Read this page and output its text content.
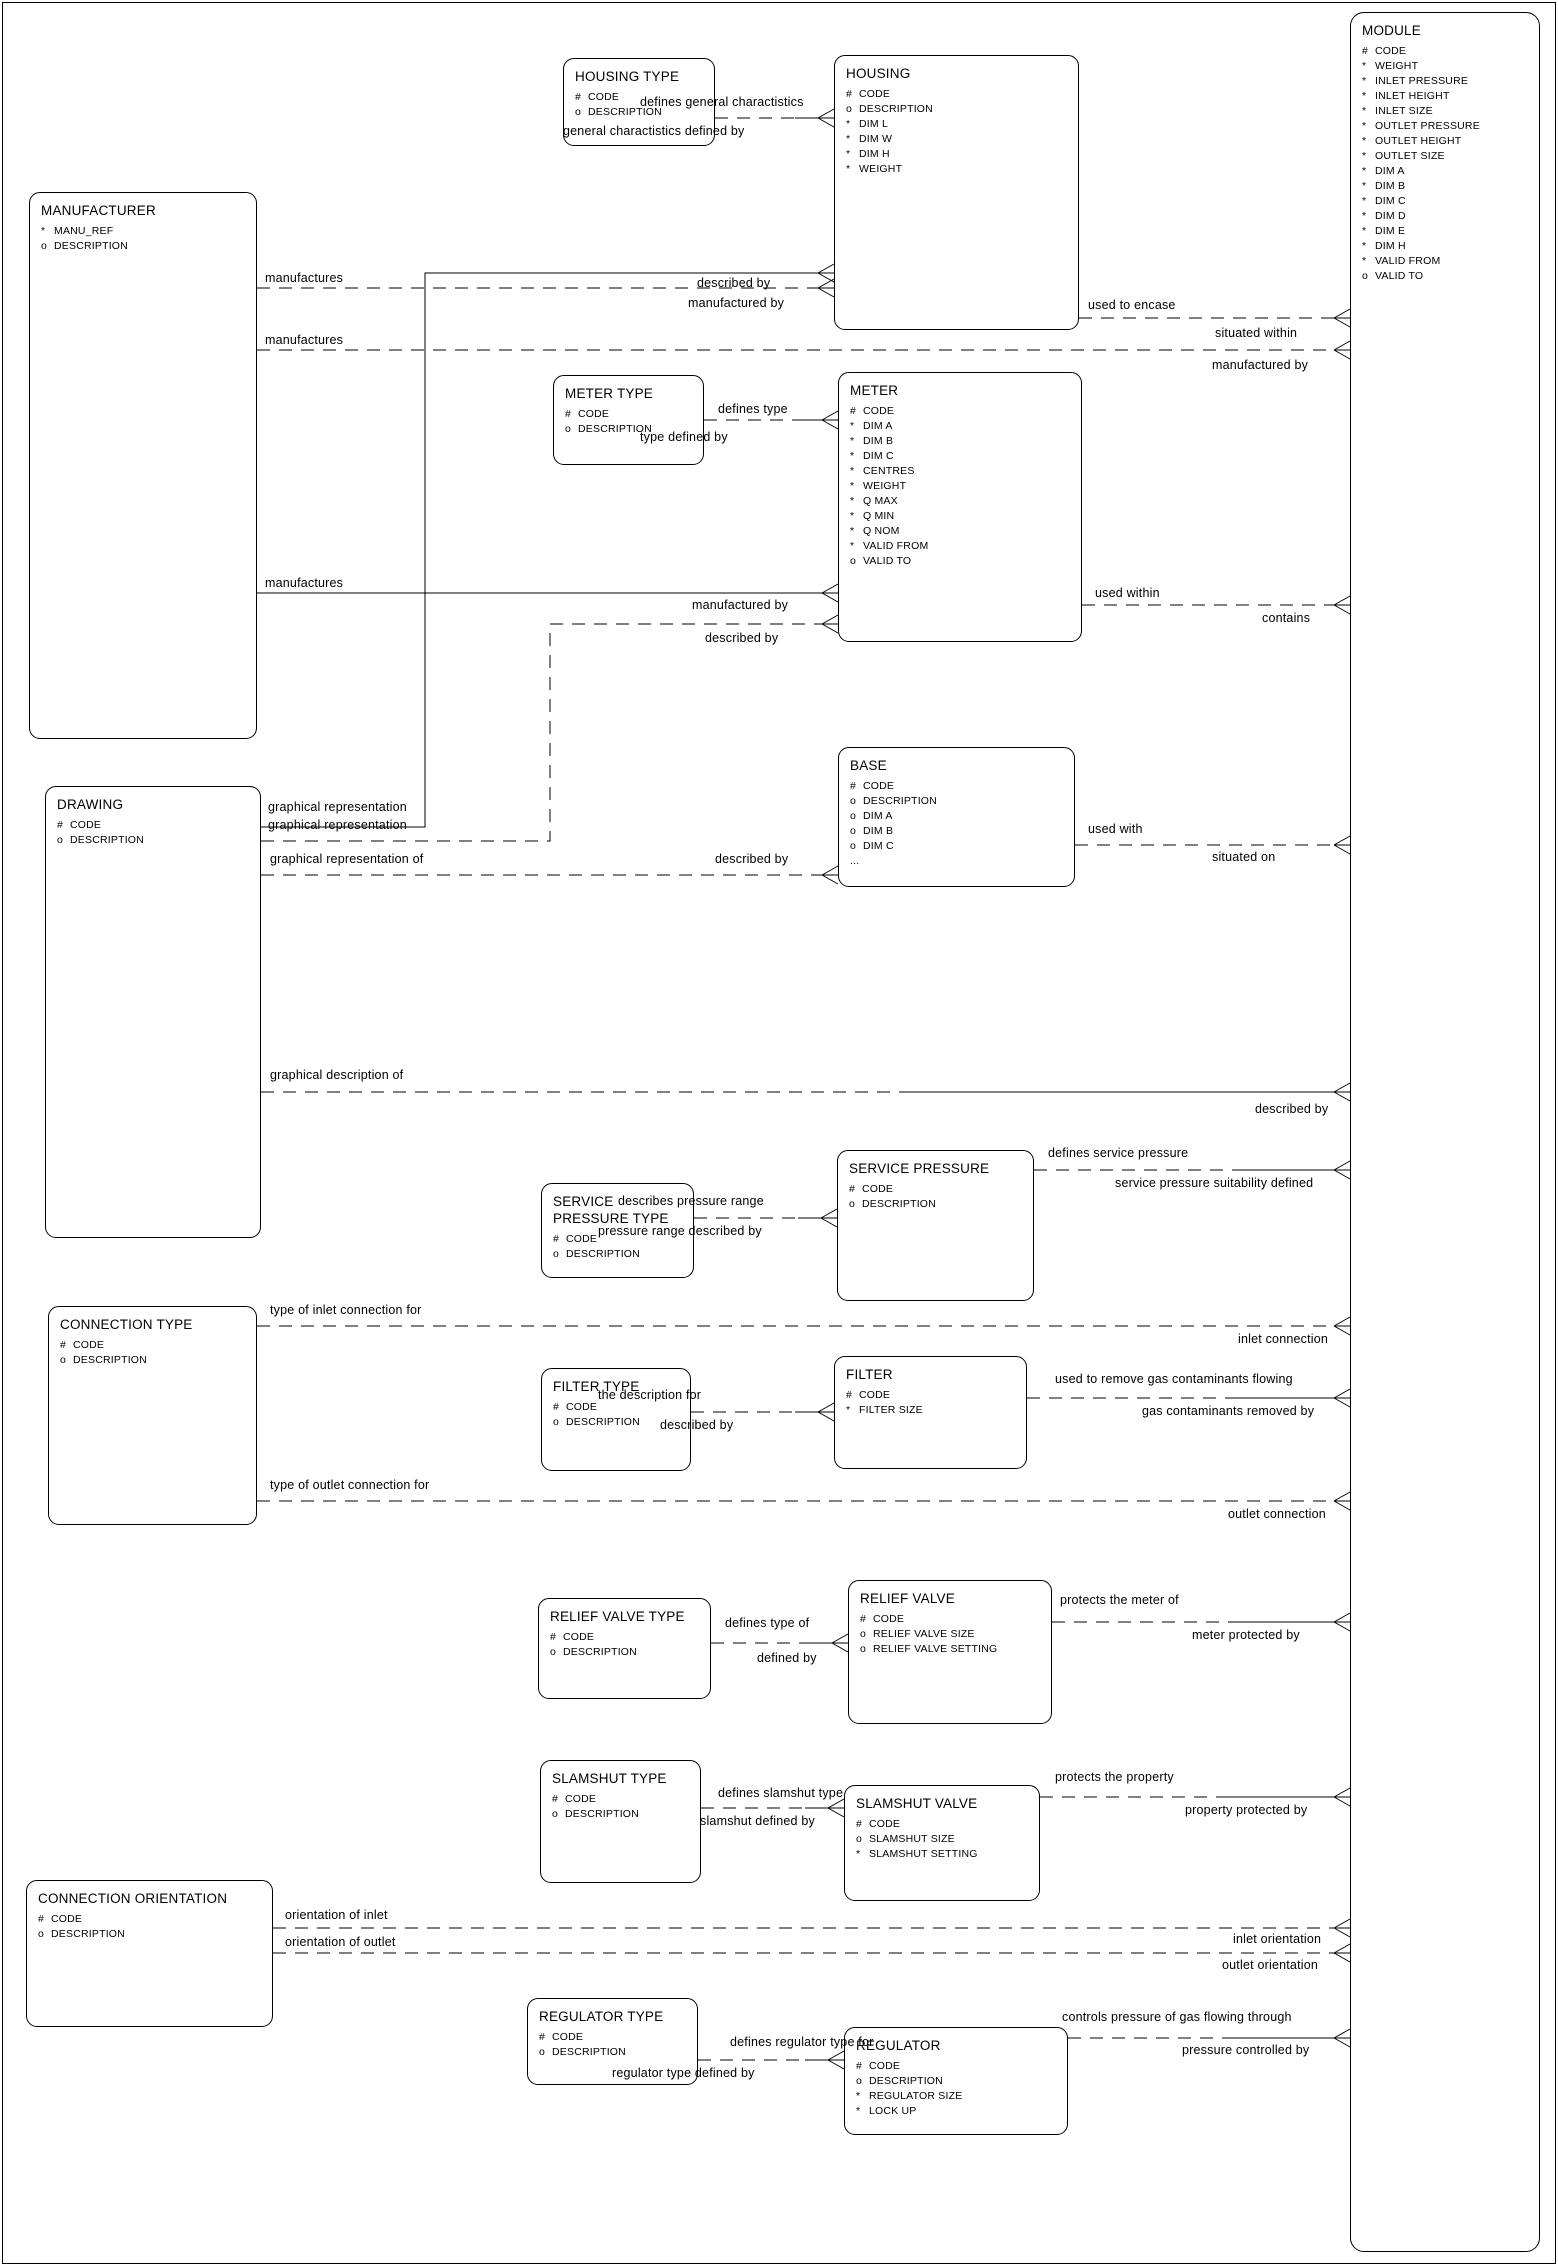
MODULE
# CODE
* WEIGHT
* INLET PRESSURE
* INLET HEIGHT
* INLET SIZE
* OUTLET PRESSURE
* OUTLET HEIGHT
* OUTLET SIZE
* DIM A
* DIM B
* DIM C
* DIM D
* DIM E
* DIM H
* VALID FROM
o VALID TO
MANUFACTURER
* MANU_REF
o DESCRIPTION
HOUSING TYPE
# CODE
o DESCRIPTION
HOUSING
# CODE
o DESCRIPTION
* DIM L
* DIM W
* DIM H
* WEIGHT
METER TYPE
# CODE
o DESCRIPTION
METER
# CODE
* DIM A
* DIM B
* DIM C
* CENTRES
* WEIGHT
* Q MAX
* Q MIN
* Q NOM
* VALID FROM
o VALID TO
DRAWING
# CODE
o DESCRIPTION
BASE
# CODE
o DESCRIPTION
o DIM A
o DIM B
o DIM C
...
SERVICE PRESSURE TYPE
# CODE
o DESCRIPTION
SERVICE PRESSURE
# CODE
o DESCRIPTION
CONNECTION TYPE
# CODE
o DESCRIPTION
FILTER TYPE
# CODE
o DESCRIPTION
FILTER
# CODE
* FILTER SIZE
RELIEF VALVE TYPE
# CODE
o DESCRIPTION
RELIEF VALVE
# CODE
o RELIEF VALVE SIZE
o RELIEF VALVE SETTING
SLAMSHUT TYPE
# CODE
o DESCRIPTION
SLAMSHUT VALVE
# CODE
o SLAMSHUT SIZE
* SLAMSHUT SETTING
CONNECTION ORIENTATION
# CODE
o DESCRIPTION
REGULATOR TYPE
# CODE
o DESCRIPTION	REGULATOR
# CODE
o DESCRIPTION
* REGULATOR SIZE
* LOCK UP
defines general charactistics
general charactistics defined by
manufactures	described by
manufactured by	used to encase
situated within
manufactures
manufactured by
defines type
type defined by
manufactures
manufactured by
described by
used within
contains
graphical representation
graphical representation
graphical representation of	described by
used with
situated on
graphical description of
described by
defines service pressure
service pressure suitability defined
describes pressure range
pressure range described by
type of inlet connection for
inlet connection
the description for
described by
used to remove gas contaminants flowing
gas contaminants removed by
type of outlet connection for
outlet connection
defines type of
defined by
protects the meter of
meter protected by
defines slamshut type
slamshut defined by
protects the property
property protected by
orientation of inlet
orientation of outlet	inlet orientation
outlet orientation
defines regulator type for
regulator type defined by
controls pressure of gas flowing through
pressure controlled by
